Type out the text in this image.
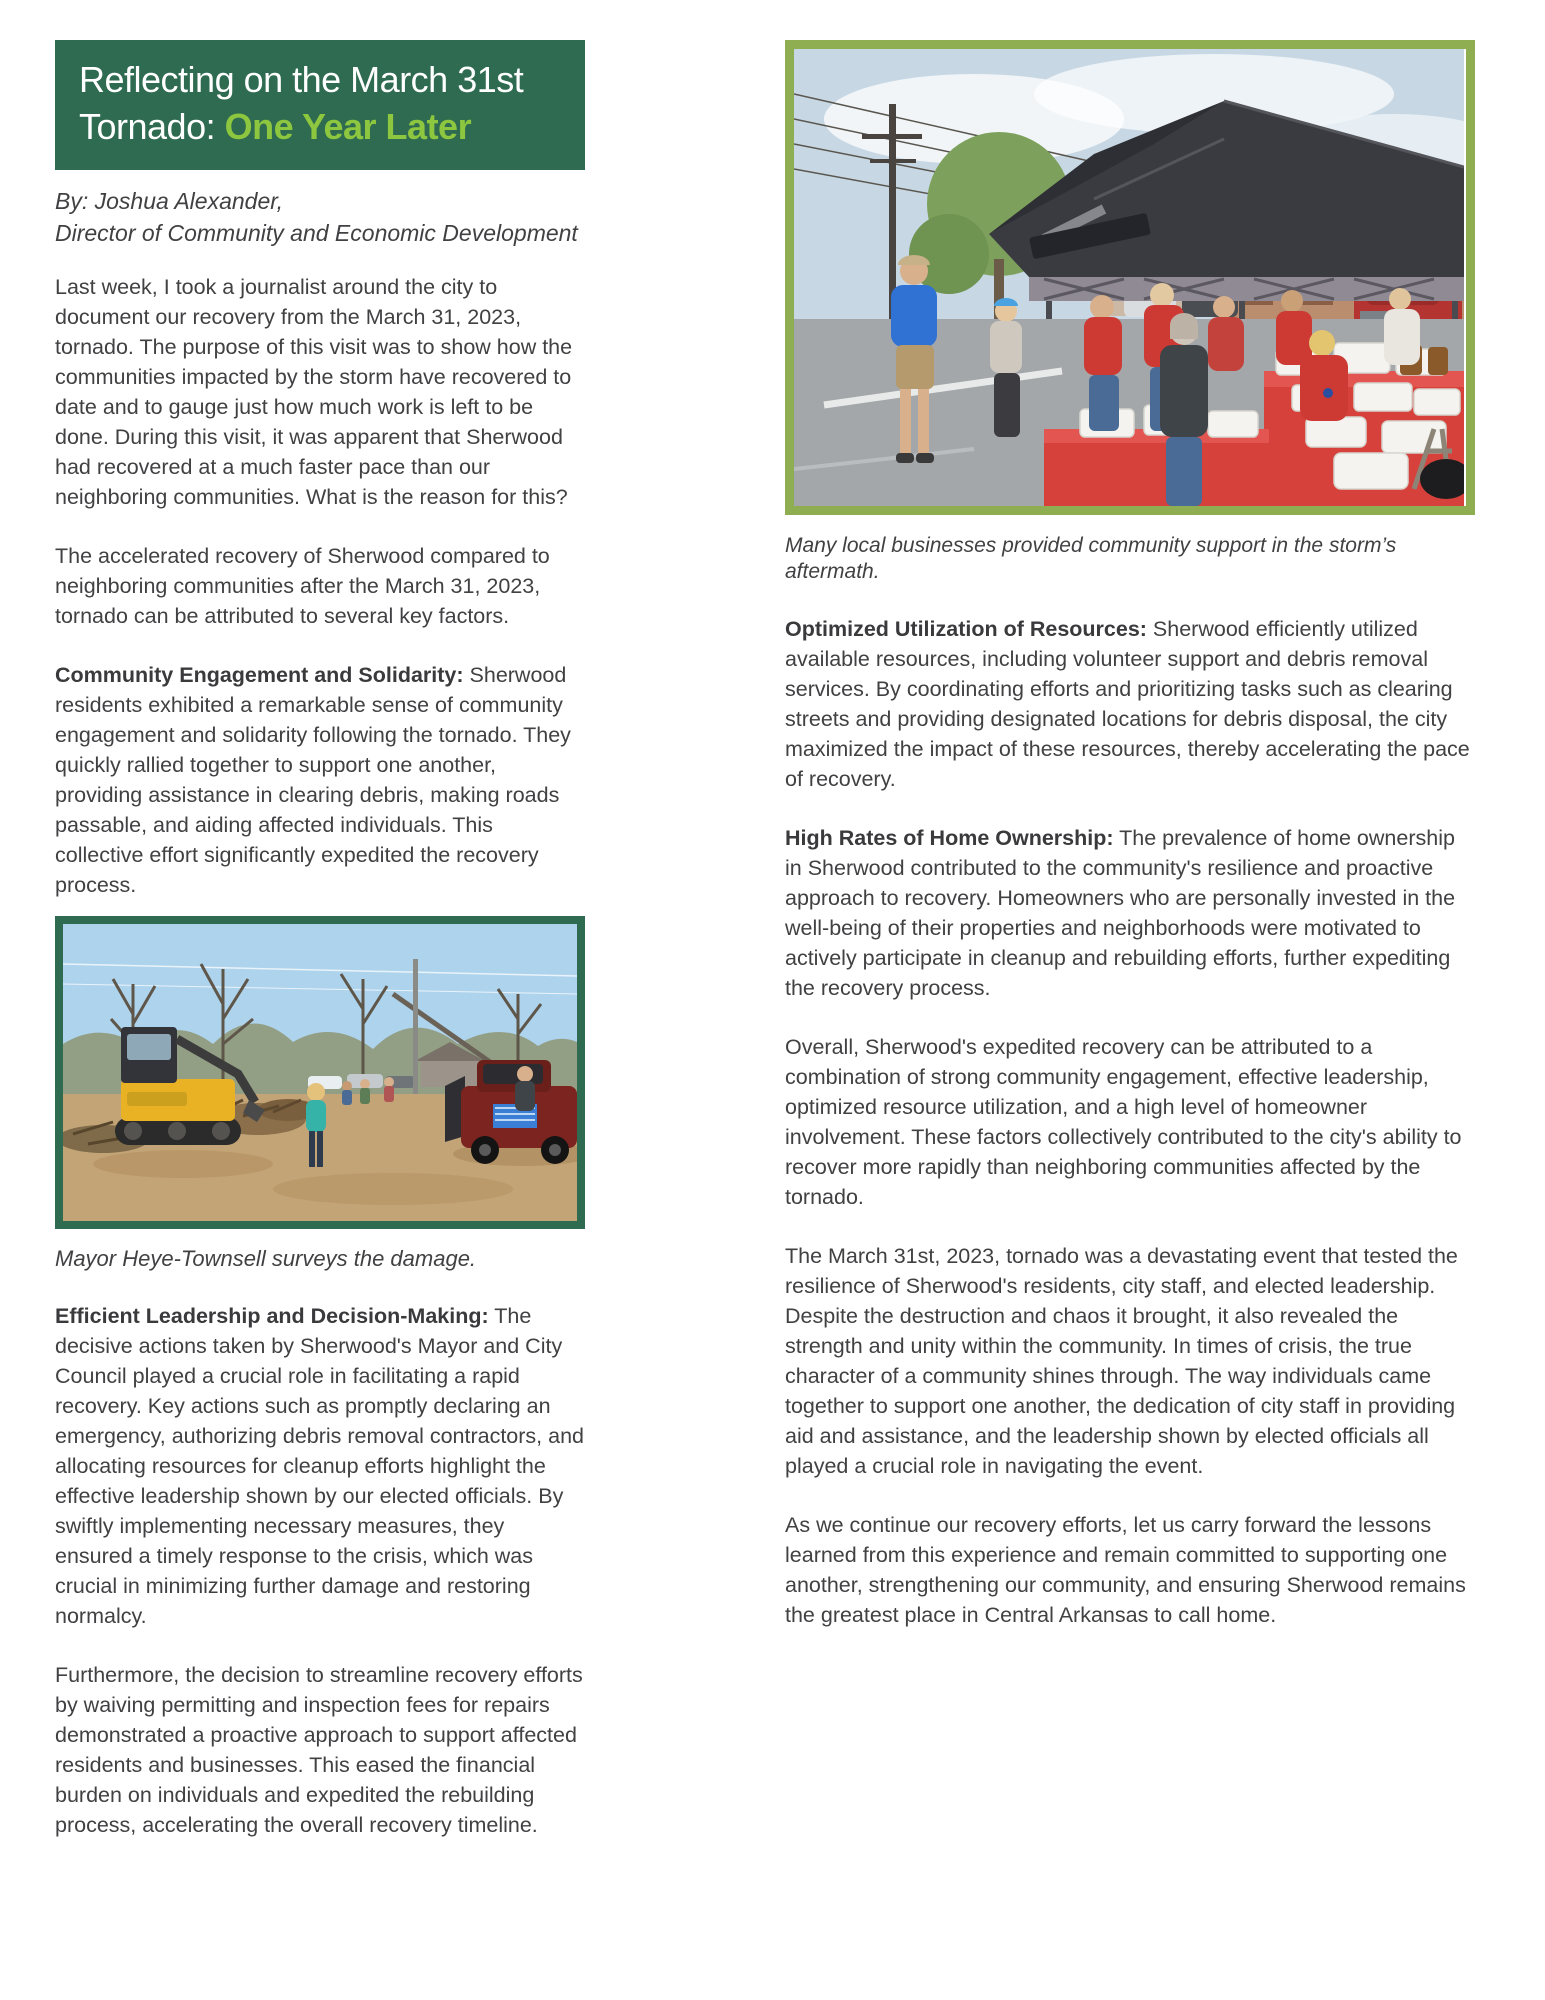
Reflecting on the March 31st
Tornado: One Year Later
By: Joshua Alexander,
Director of Community and Economic Development

Last week, I took a journalist around the city to document our recovery from the March 31, 2023, tornado. The purpose of this visit was to show how the communities impacted by the storm have recovered to date and to gauge just how much work is left to be done. During this visit, it was apparent that Sherwood had recovered at a much faster pace than our neighboring communities. What is the reason for this?

The accelerated recovery of Sherwood compared to neighboring communities after the March 31, 2023, tornado can be attributed to several key factors.

Community Engagement and Solidarity: Sherwood residents exhibited a remarkable sense of community engagement and solidarity following the tornado. They quickly rallied together to support one another, providing assistance in clearing debris, making roads passable, and aiding affected individuals. This collective effort significantly expedited the recovery process.

Mayor Heye-Townsell surveys the damage.

Efficient Leadership and Decision-Making: The decisive actions taken by Sherwood's Mayor and City Council played a crucial role in facilitating a rapid recovery. Key actions such as promptly declaring an emergency, authorizing debris removal contractors, and allocating resources for cleanup efforts highlight the effective leadership shown by our elected officials. By swiftly implementing necessary measures, they ensured a timely response to the crisis, which was crucial in minimizing further damage and restoring normalcy.

Furthermore, the decision to streamline recovery efforts by waiving permitting and inspection fees for repairs demonstrated a proactive approach to support affected residents and businesses. This eased the financial burden on individuals and expedited the rebuilding process, accelerating the overall recovery timeline.

Many local businesses provided community support in the storm’s aftermath.

Optimized Utilization of Resources: Sherwood efficiently utilized available resources, including volunteer support and debris removal services. By coordinating efforts and prioritizing tasks such as clearing streets and providing designated locations for debris disposal, the city maximized the impact of these resources, thereby accelerating the pace of recovery.

High Rates of Home Ownership: The prevalence of home ownership in Sherwood contributed to the community's resilience and proactive approach to recovery. Homeowners who are personally invested in the well-being of their properties and neighborhoods were motivated to actively participate in cleanup and rebuilding efforts, further expediting the recovery process.

Overall, Sherwood's expedited recovery can be attributed to a combination of strong community engagement, effective leadership, optimized resource utilization, and a high level of homeowner involvement. These factors collectively contributed to the city's ability to recover more rapidly than neighboring communities affected by the tornado.

The March 31st, 2023, tornado was a devastating event that tested the resilience of Sherwood's residents, city staff, and elected leadership. Despite the destruction and chaos it brought, it also revealed the strength and unity within the community. In times of crisis, the true character of a community shines through. The way individuals came together to support one another, the dedication of city staff in providing aid and assistance, and the leadership shown by elected officials all played a crucial role in navigating the event.

As we continue our recovery efforts, let us carry forward the lessons learned from this experience and remain committed to supporting one another, strengthening our community, and ensuring Sherwood remains the greatest place in Central Arkansas to call home.
